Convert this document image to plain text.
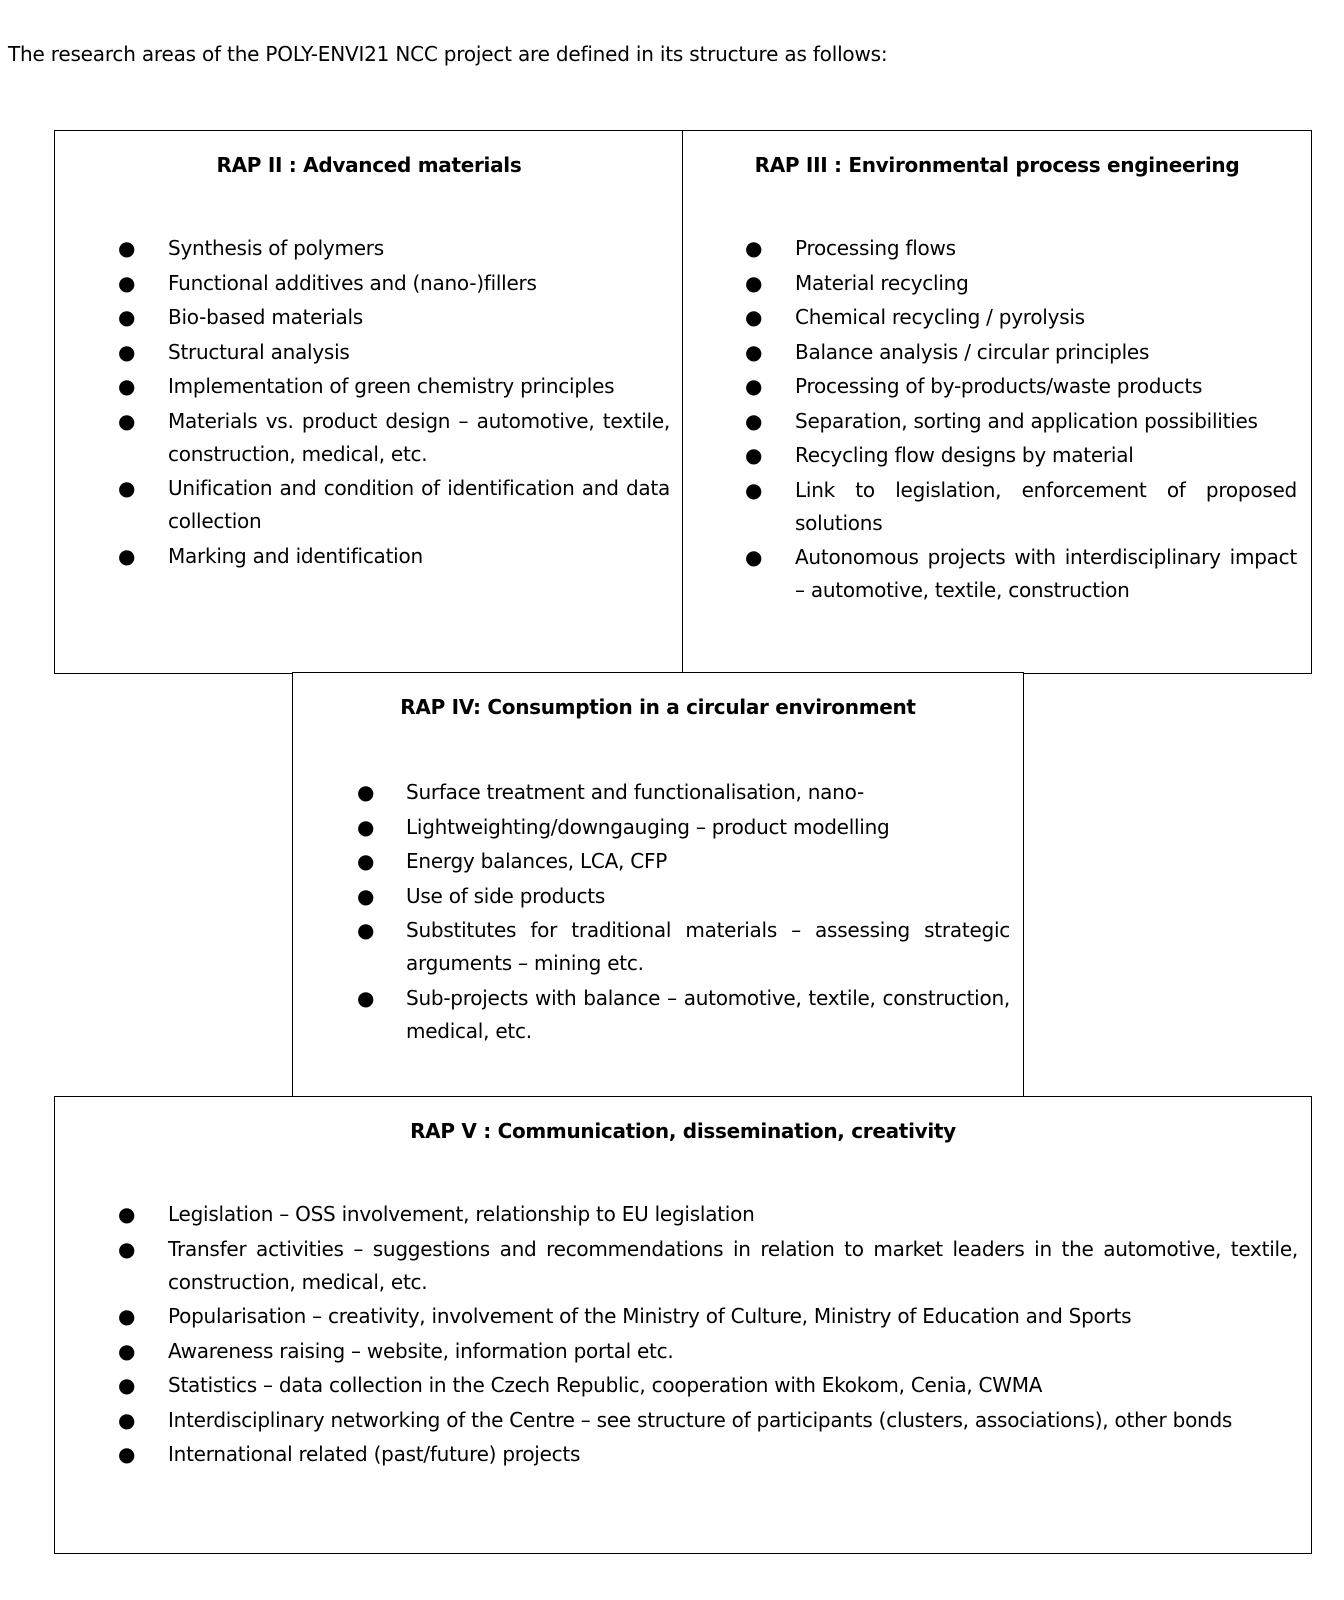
The research areas of the POLY-ENVI21 NCC project are defined in its structure as follows:
RAP II : Advanced materials
● Synthesis of polymers
● Functional additives and (nano-)fillers
● Bio-based materials
● Structural analysis
● Implementation of green chemistry principles
● Materials vs. product design – automotive, textile, construction, medical, etc.
● Unification and condition of identification and data collection
● Marking and identification
RAP III : Environmental process engineering
● Processing flows
● Material recycling
● Chemical recycling / pyrolysis
● Balance analysis / circular principles
● Processing of by-products/waste products
● Separation, sorting and application possibilities
● Recycling flow designs by material
● Link to legislation, enforcement of proposed solutions
● Autonomous projects with interdisciplinary impact – automotive, textile, construction
RAP IV: Consumption in a circular environment
● Surface treatment and functionalisation, nano-
● Lightweighting/downgauging – product modelling
● Energy balances, LCA, CFP
● Use of side products
● Substitutes for traditional materials – assessing strategic arguments – mining etc.
● Sub-projects with balance – automotive, textile, construction, medical, etc.
RAP V : Communication, dissemination, creativity
● Legislation – OSS involvement, relationship to EU legislation
● Transfer activities – suggestions and recommendations in relation to market leaders in the automotive, textile, construction, medical, etc.
● Popularisation – creativity, involvement of the Ministry of Culture, Ministry of Education and Sports
● Awareness raising – website, information portal etc.
● Statistics – data collection in the Czech Republic, cooperation with Ekokom, Cenia, CWMA
● Interdisciplinary networking of the Centre – see structure of participants (clusters, associations), other bonds
● International related (past/future) projects
